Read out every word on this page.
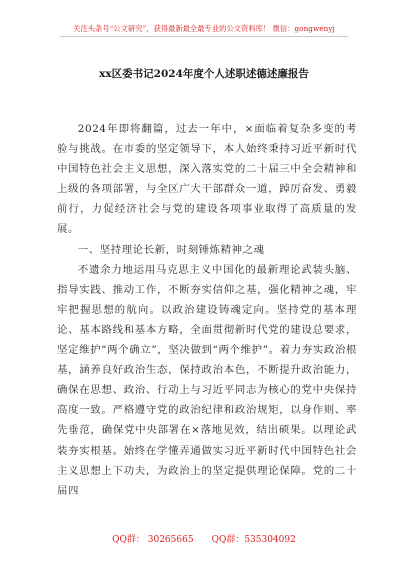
关注头条号“公文研究”，获得最新最全最专业的公文资料库！ 微信：gongwenyj
xx区委书记2024年度个人述职述德述廉报告

2024年即将翻篇，过去一年中，×面临着复杂多变的考验与挑战。在市委的坚定领导下，本人始终秉持习近平新时代中国特色社会主义思想，深入落实党的二十届三中全会精神和上级的各项部署，与全区广大干部群众一道，踔厉奋发、勇毅前行，力促经济社会与党的建设各项事业取得了高质量的发展。

一、坚持理论长新，时刻锤炼精神之魂

不遗余力地运用马克思主义中国化的最新理论武装头脑、指导实践、推动工作，不断夯实信仰之基，强化精神之魂，牢牢把握思想的航向。以政治建设铸魂定向。坚持党的基本理论、基本路线和基本方略，全面贯彻新时代党的建设总要求，坚定维护“两个确立”，坚决做到“两个维护”。着力夯实政治根基，涵养良好政治生态，保持政治本色，不断提升政治能力，确保在思想、政治、行动上与习近平同志为核心的党中央保持高度一致。严格遵守党的政治纪律和政治规矩，以身作则、率先垂范，确保党中央部署在×落地见效，结出硕果。以理论武装夯实根基。始终在学懂弄通做实习近平新时代中国特色社会主义思想上下功夫，为政治上的坚定提供理论保障。党的二十届四

QQ群： 30265665 QQ群：535304092
